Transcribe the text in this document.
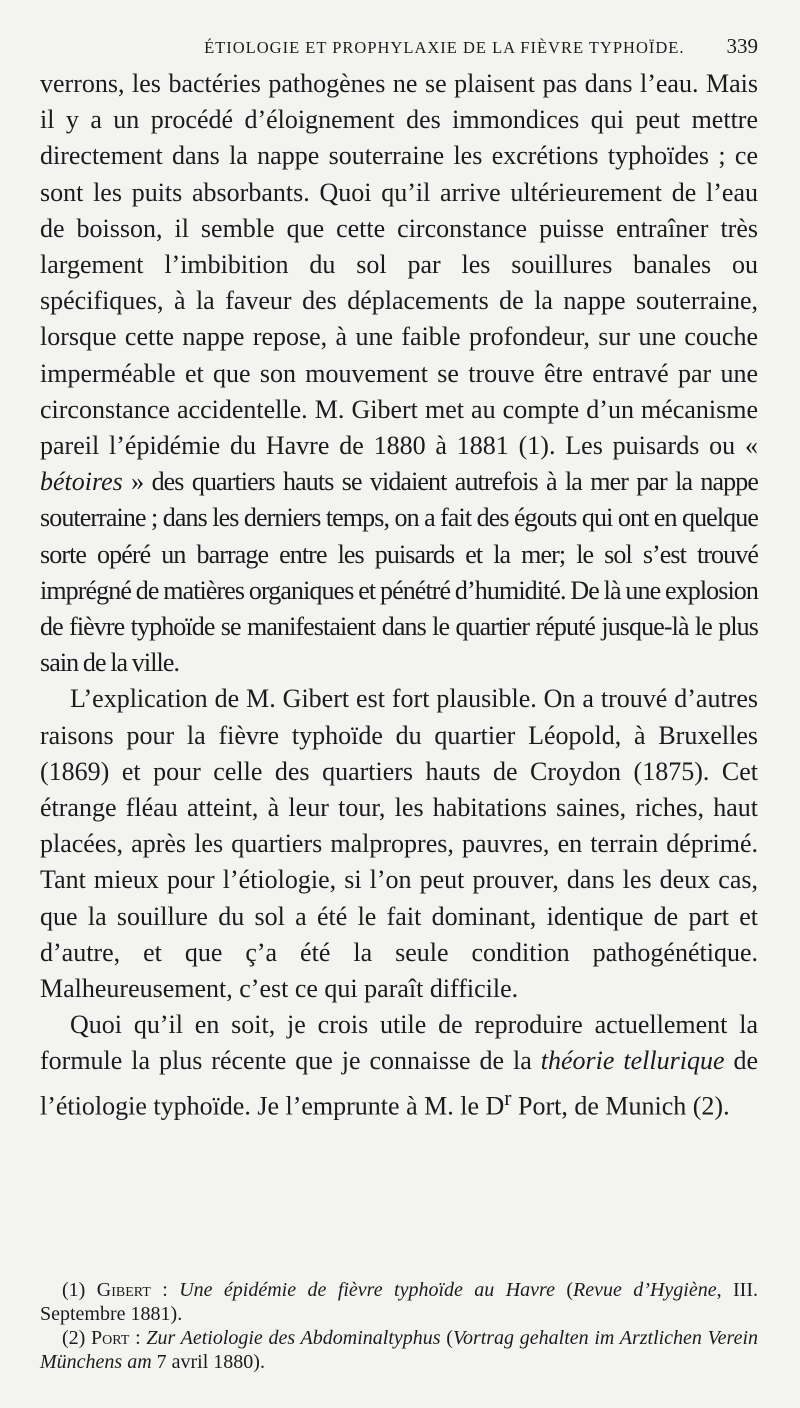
ÉTIOLOGIE ET PROPHYLAXIE DE LA FIÈVRE TYPHOÏDE. 339

verrons, les bactéries pathogènes ne se plaisent pas dans l’eau. Mais il y a un procédé d’éloignement des immondices qui peut mettre directement dans la nappe souterraine les excrétions typhoïdes ; ce sont les puits absorbants. Quoi qu’il arrive ultérieurement de l’eau de boisson, il semble que cette circonstance puisse entraîner très largement l’imbibition du sol par les souillures banales ou spécifiques, à la faveur des déplacements de la nappe souterraine, lorsque cette nappe repose, à une faible profondeur, sur une couche imperméable et que son mouvement se trouve être entravé par une circonstance accidentelle. M. Gibert met au compte d’un mécanisme pareil l’épidémie du Havre de 1880 à 1881 (1). Les puisards ou « bétoires » des quartiers hauts se vidaient autrefois à la mer par la nappe souterraine ; dans les derniers temps, on a fait des égouts qui ont en quelque sorte opéré un barrage entre les puisards et la mer; le sol s’est trouvé imprégné de matières organiques et pénétré d’humidité. De là une explosion de fièvre typhoïde se manifestaient dans le quartier réputé jusque-là le plus sain de la ville.

L’explication de M. Gibert est fort plausible. On a trouvé d’autres raisons pour la fièvre typhoïde du quartier Léopold, à Bruxelles (1869) et pour celle des quartiers hauts de Croydon (1875). Cet étrange fléau atteint, à leur tour, les habitations saines, riches, haut placées, après les quartiers malpropres, pauvres, en terrain déprimé. Tant mieux pour l’étiologie, si l’on peut prouver, dans les deux cas, que la souillure du sol a été le fait dominant, identique de part et d’autre, et que ç’a été la seule condition pathogénétique. Malheureusement, c’est ce qui paraît difficile.

Quoi qu’il en soit, je crois utile de reproduire actuellement la formule la plus récente que je connaisse de la théorie tellurique de l’étiologie typhoïde. Je l’emprunte à M. le $D^r$ Port, de Munich (2).

(1) Gibert : Une épidémie de fièvre typhoïde au Havre (Revue d’Hygiène, III. Septembre 1881).

(2) Port : Zur Aetiologie des Abdominaltyphus (Vortrag gehalten im Arztlichen Verein Münchens am 7 avril 1880).
